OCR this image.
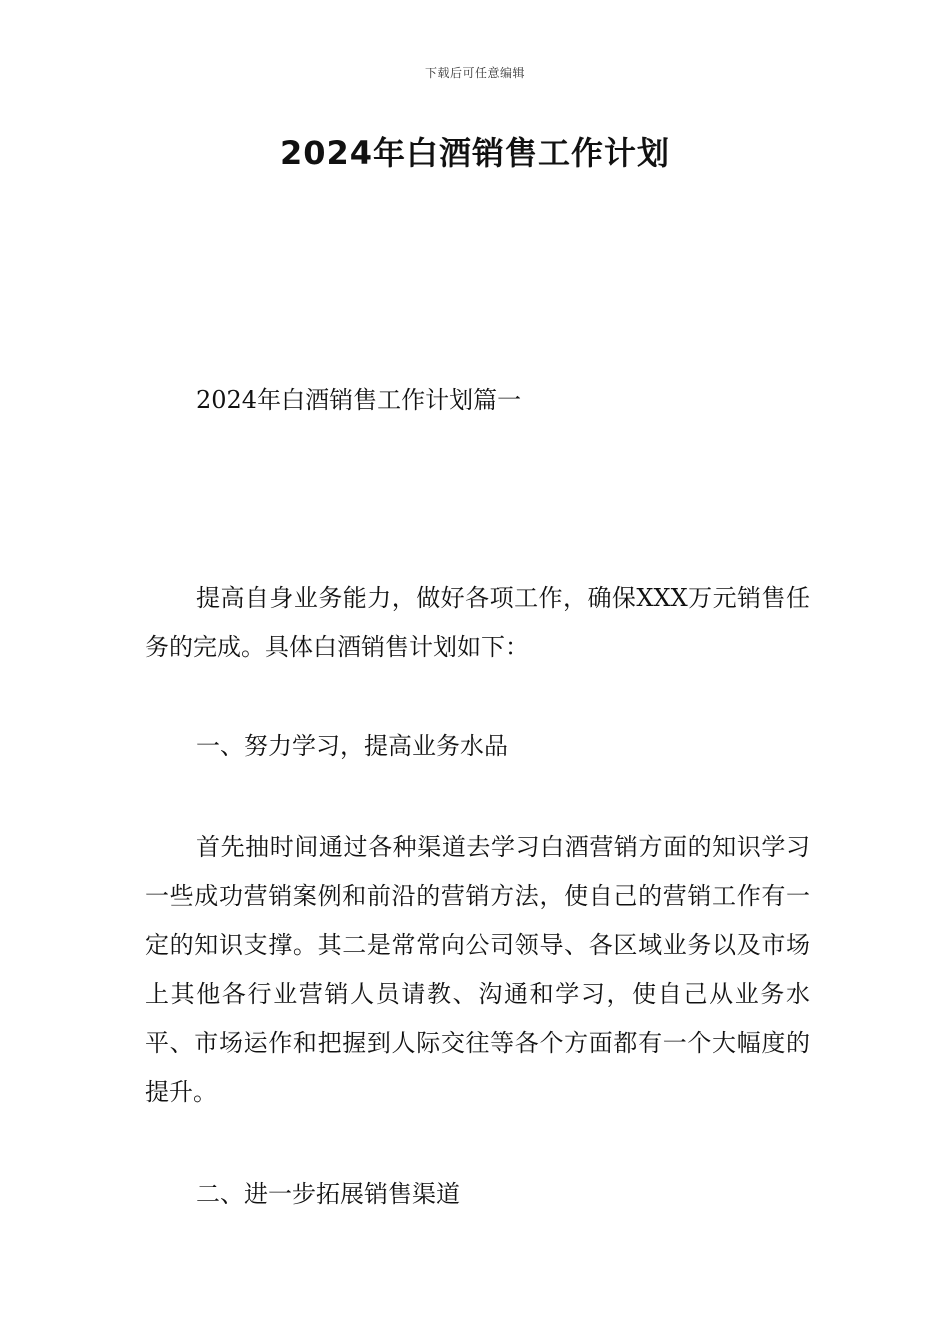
下载后可任意编辑
2024年白酒销售工作计划
2024年白酒销售工作计划篇一

提高自身业务能力，做好各项工作，确保XXX万元销售任务的完成。具体白酒销售计划如下：

一、努力学习，提高业务水品

首先抽时间通过各种渠道去学习白酒营销方面的知识学习一些成功营销案例和前沿的营销方法，使自己的营销工作有一定的知识支撑。其二是常常向公司领导、各区域业务以及市场上其他各行业营销人员请教、沟通和学习，使自己从业务水平、市场运作和把握到人际交往等各个方面都有一个大幅度的提升。

二、进一步拓展销售渠道
